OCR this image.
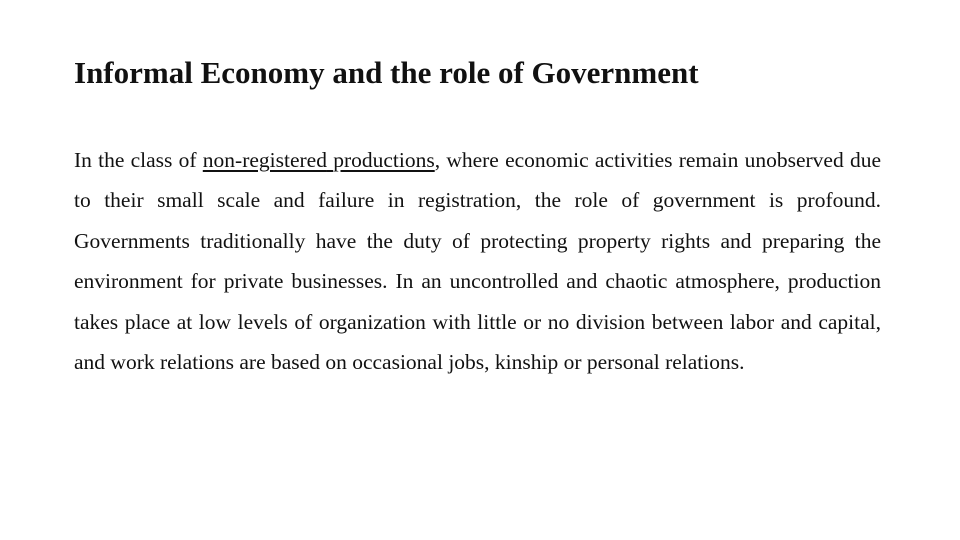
Informal Economy and the role of Government

In the class of non-registered productions, where economic activities remain unobserved due to their small scale and failure in registration, the role of government is profound. Governments traditionally have the duty of protecting property rights and preparing the environment for private businesses. In an uncontrolled and chaotic atmosphere, production takes place at low levels of organization with little or no division between labor and capital, and work relations are based on occasional jobs, kinship or personal relations.
